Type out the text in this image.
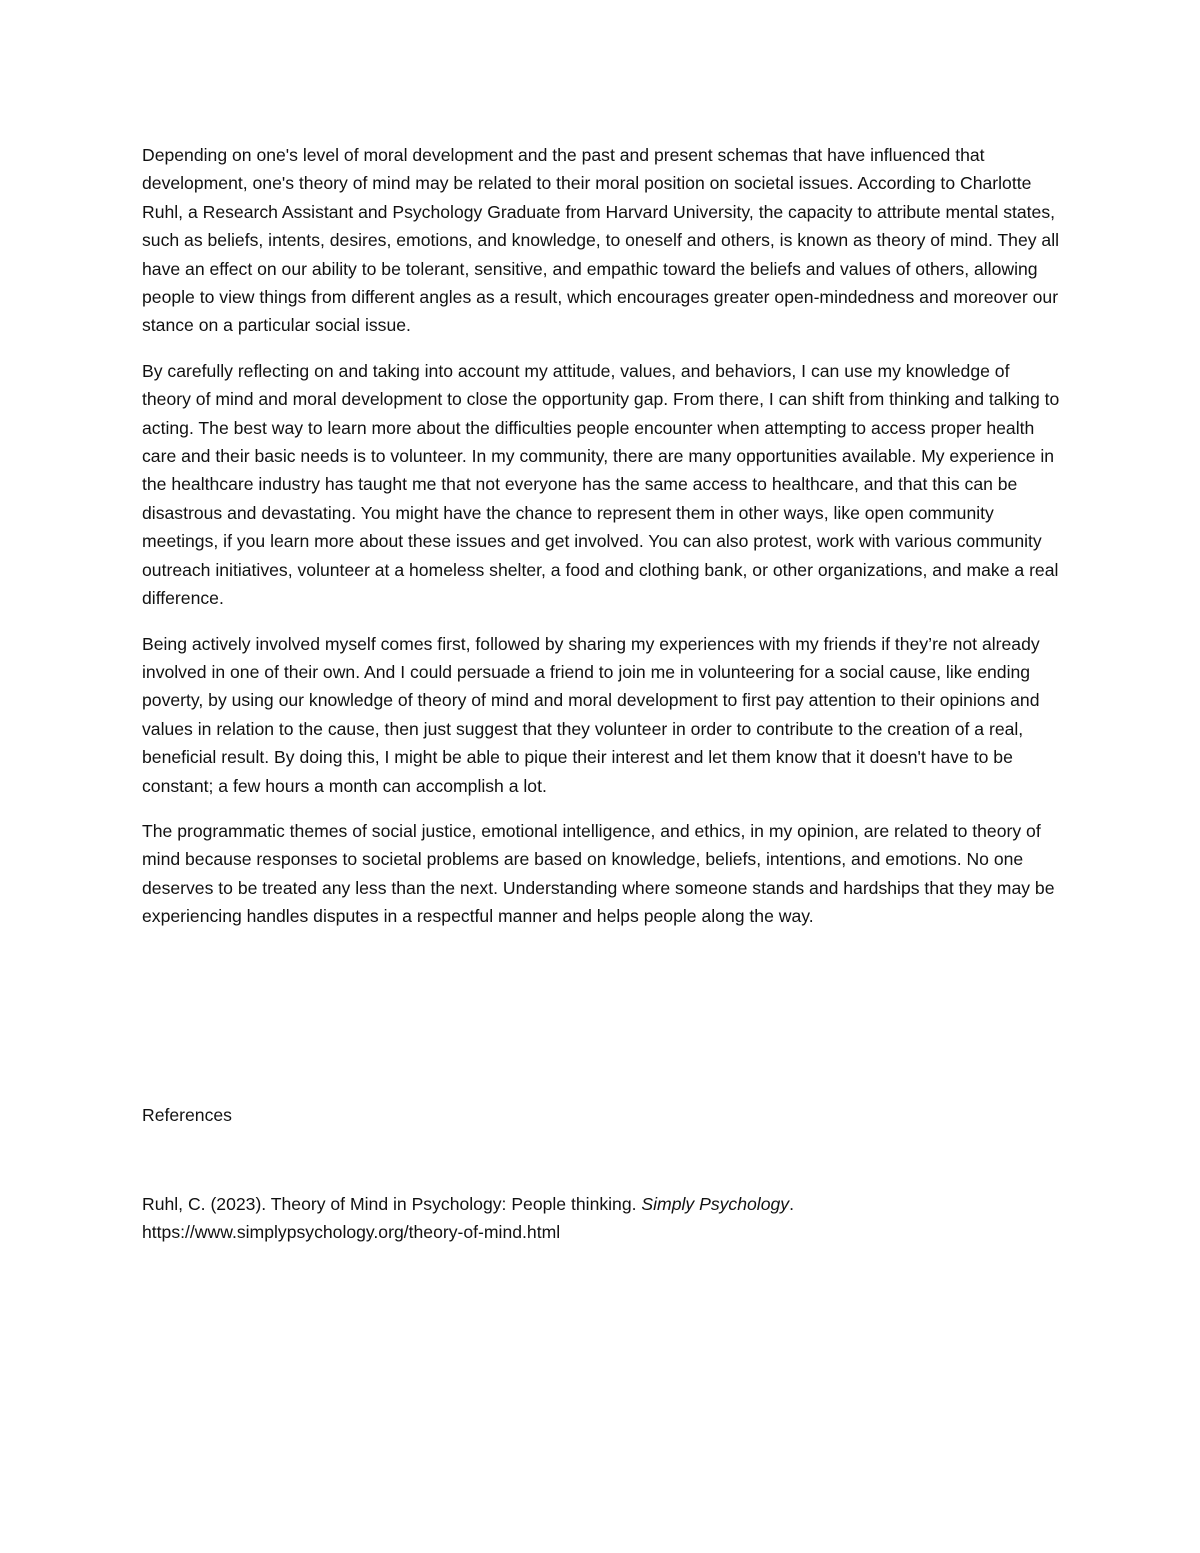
Depending on one's level of moral development and the past and present schemas that have influenced that development, one's theory of mind may be related to their moral position on societal issues. According to Charlotte Ruhl, a Research Assistant and Psychology Graduate from Harvard University, the capacity to attribute mental states, such as beliefs, intents, desires, emotions, and knowledge, to oneself and others, is known as theory of mind. They all have an effect on our ability to be tolerant, sensitive, and empathic toward the beliefs and values of others, allowing people to view things from different angles as a result, which encourages greater open-mindedness and moreover our stance on a particular social issue.

By carefully reflecting on and taking into account my attitude, values, and behaviors, I can use my knowledge of theory of mind and moral development to close the opportunity gap. From there, I can shift from thinking and talking to acting. The best way to learn more about the difficulties people encounter when attempting to access proper health care and their basic needs is to volunteer. In my community, there are many opportunities available. My experience in the healthcare industry has taught me that not everyone has the same access to healthcare, and that this can be disastrous and devastating. You might have the chance to represent them in other ways, like open community meetings, if you learn more about these issues and get involved. You can also protest, work with various community outreach initiatives, volunteer at a homeless shelter, a food and clothing bank, or other organizations, and make a real difference.

Being actively involved myself comes first, followed by sharing my experiences with my friends if they’re not already involved in one of their own. And I could persuade a friend to join me in volunteering for a social cause, like ending poverty, by using our knowledge of theory of mind and moral development to first pay attention to their opinions and values in relation to the cause, then just suggest that they volunteer in order to contribute to the creation of a real, beneficial result. By doing this, I might be able to pique their interest and let them know that it doesn't have to be constant; a few hours a month can accomplish a lot.

The programmatic themes of social justice, emotional intelligence, and ethics, in my opinion, are related to theory of mind because responses to societal problems are based on knowledge, beliefs, intentions, and emotions. No one deserves to be treated any less than the next. Understanding where someone stands and hardships that they may be experiencing handles disputes in a respectful manner and helps people along the way.

References

Ruhl, C. (2023). Theory of Mind in Psychology: People thinking. Simply Psychology.
https://www.simplypsychology.org/theory-of-mind.html
